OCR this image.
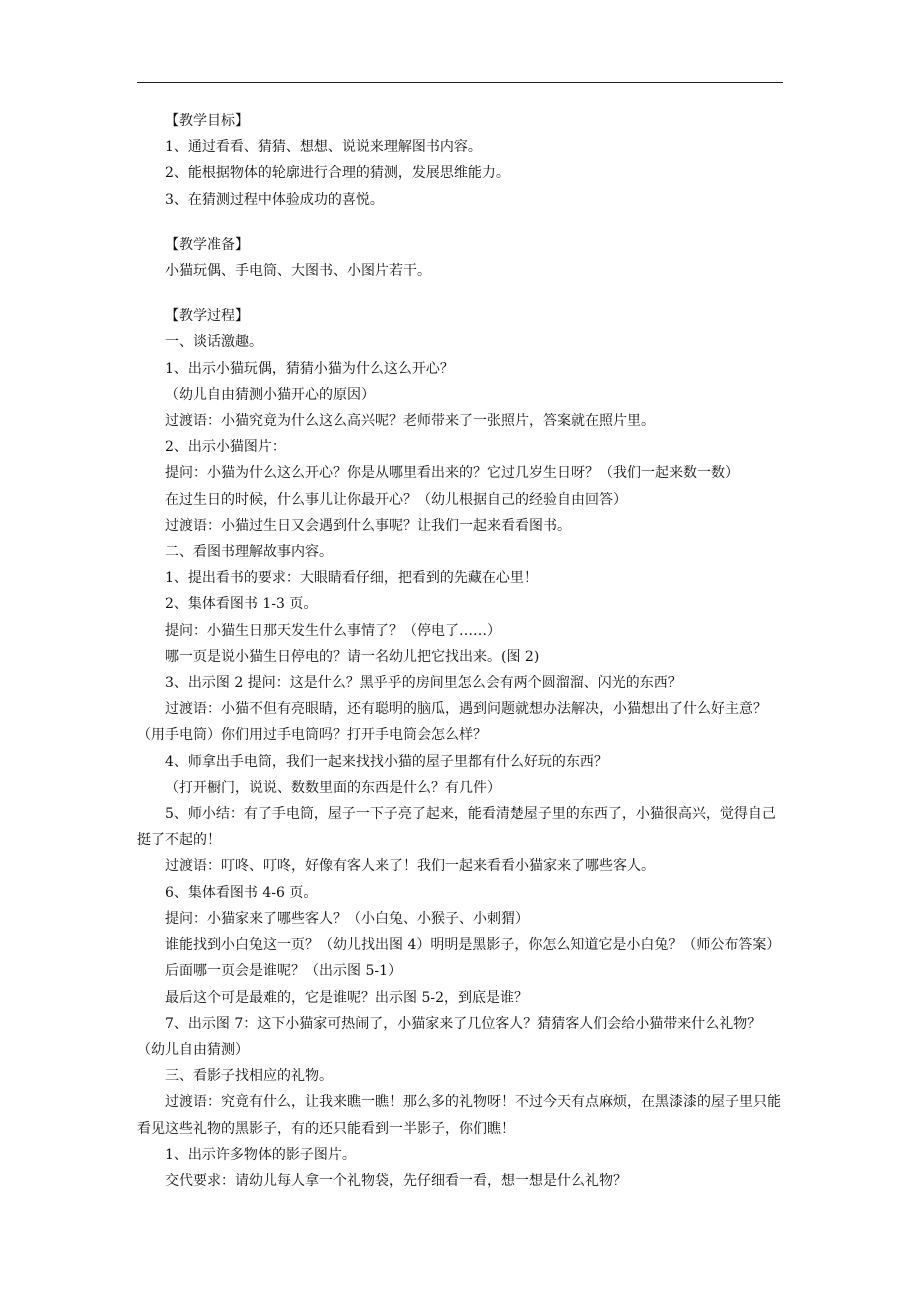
【教学目标】

1、通过看看、猜猜、想想、说说来理解图书内容。

2、能根据物体的轮廓进行合理的猜测，发展思维能力。

3、在猜测过程中体验成功的喜悦。

【教学准备】

小猫玩偶、手电筒、大图书、小图片若干。

【教学过程】

一、谈话激趣。

1、出示小猫玩偶，猜猜小猫为什么这么开心？

（幼儿自由猜测小猫开心的原因）

过渡语：小猫究竟为什么这么高兴呢？老师带来了一张照片，答案就在照片里。

2、出示小猫图片：

提问：小猫为什么这么开心？你是从哪里看出来的？它过几岁生日呀？（我们一起来数一数）

在过生日的时候，什么事儿让你最开心？（幼儿根据自己的经验自由回答）

过渡语：小猫过生日又会遇到什么事呢？让我们一起来看看图书。

二、看图书理解故事内容。

1、提出看书的要求：大眼睛看仔细，把看到的先藏在心里！

2、集体看图书 1-3 页。

提问：小猫生日那天发生什么事情了？（停电了……）

哪一页是说小猫生日停电的？请一名幼儿把它找出来。(图 2)

3、出示图 2 提问：这是什么？黑乎乎的房间里怎么会有两个圆溜溜、闪光的东西？

过渡语：小猫不但有亮眼睛，还有聪明的脑瓜，遇到问题就想办法解决，小猫想出了什么好主意？（用手电筒）你们用过手电筒吗？打开手电筒会怎么样？

4、师拿出手电筒，我们一起来找找小猫的屋子里都有什么好玩的东西？

（打开橱门，说说、数数里面的东西是什么？有几件）

5、师小结：有了手电筒，屋子一下子亮了起来，能看清楚屋子里的东西了，小猫很高兴，觉得自己挺了不起的！

过渡语：叮咚、叮咚，好像有客人来了！我们一起来看看小猫家来了哪些客人。

6、集体看图书 4-6 页。

提问：小猫家来了哪些客人？（小白兔、小猴子、小刺猬）

谁能找到小白兔这一页？（幼儿找出图 4）明明是黑影子，你怎么知道它是小白兔？（师公布答案）

后面哪一页会是谁呢？（出示图 5-1）

最后这个可是最难的，它是谁呢？出示图 5-2，到底是谁？

7、出示图 7：这下小猫家可热闹了，小猫家来了几位客人？猜猜客人们会给小猫带来什么礼物？（幼儿自由猜测）

三、看影子找相应的礼物。

过渡语：究竟有什么，让我来瞧一瞧！那么多的礼物呀！不过今天有点麻烦，在黑漆漆的屋子里只能看见这些礼物的黑影子，有的还只能看到一半影子，你们瞧！

1、出示许多物体的影子图片。

交代要求：请幼儿每人拿一个礼物袋，先仔细看一看，想一想是什么礼物？
